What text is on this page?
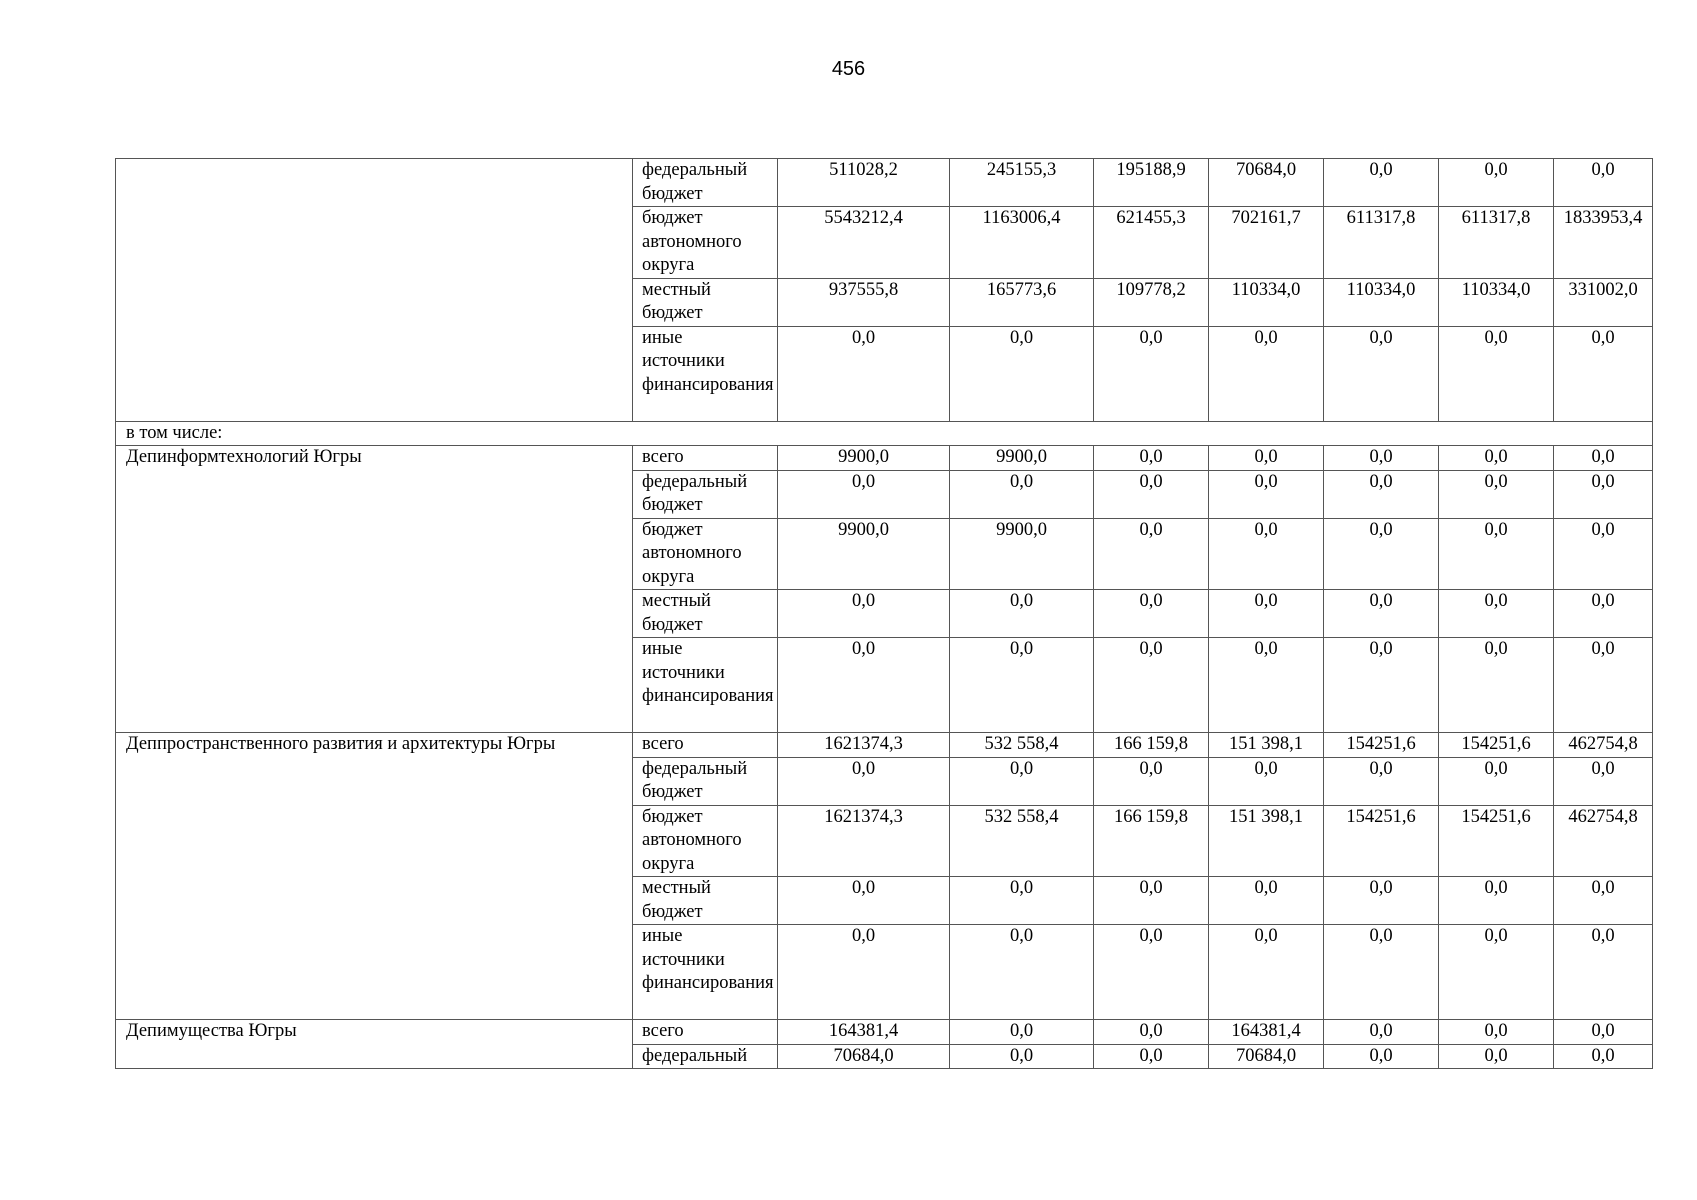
456
	федеральный бюджет	511028,2	245155,3	195188,9	70684,0	0,0	0,0	0,0
	бюджет автономного округа	5543212,4	1163006,4	621455,3	702161,7	611317,8	611317,8	1833953,4
	местный бюджет	937555,8	165773,6	109778,2	110334,0	110334,0	110334,0	331002,0
	иные источники финансирования	0,0	0,0	0,0	0,0	0,0	0,0	0,0
в том числе:								
Депинформтехнологий Югры	всего	9900,0	9900,0	0,0	0,0	0,0	0,0	0,0
	федеральный бюджет	0,0	0,0	0,0	0,0	0,0	0,0	0,0
	бюджет автономного округа	9900,0	9900,0	0,0	0,0	0,0	0,0	0,0
	местный бюджет	0,0	0,0	0,0	0,0	0,0	0,0	0,0
	иные источники финансирования	0,0	0,0	0,0	0,0	0,0	0,0	0,0
Деппространственного развития и архитектуры Югры	всего	1621374,3	532 558,4	166 159,8	151 398,1	154251,6	154251,6	462754,8
	федеральный бюджет	0,0	0,0	0,0	0,0	0,0	0,0	0,0
	бюджет автономного округа	1621374,3	532 558,4	166 159,8	151 398,1	154251,6	154251,6	462754,8
	местный бюджет	0,0	0,0	0,0	0,0	0,0	0,0	0,0
	иные источники финансирования	0,0	0,0	0,0	0,0	0,0	0,0	0,0
Депимущества Югры	всего	164381,4	0,0	0,0	164381,4	0,0	0,0	0,0
	федеральный	70684,0	0,0	0,0	70684,0	0,0	0,0	0,0
